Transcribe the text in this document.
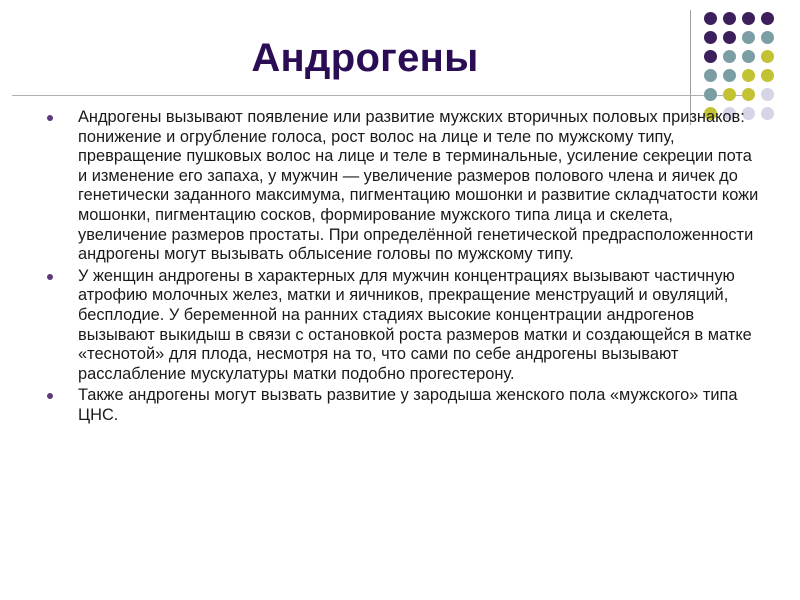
Андрогены
Андрогены вызывают появление или развитие мужских вторичных половых признаков: понижение и огрубление голоса, рост волос на лице и теле по мужскому типу, превращение пушковых волос на лице и теле в терминальные, усиление секреции пота и изменение его запаха, у мужчин — увеличение размеров полового члена и яичек до генетически заданного максимума, пигментацию мошонки и развитие складчатости кожи мошонки, пигментацию сосков, формирование мужского типа лица и скелета, увеличение размеров простаты. При определённой генетической предрасположенности андрогены могут вызывать облысение головы по мужскому типу.
У женщин андрогены в характерных для мужчин концентрациях вызывают частичную атрофию молочных желез, матки и яичников, прекращение менструаций и овуляций, бесплодие. У беременной на ранних стадиях высокие концентрации андрогенов вызывают выкидыш в связи с остановкой роста размеров матки и создающейся в матке «теснотой» для плода, несмотря на то, что сами по себе андрогены вызывают расслабление мускулатуры матки подобно прогестерону.
Также андрогены могут вызвать развитие у зародыша женского пола «мужского» типа ЦНС.
